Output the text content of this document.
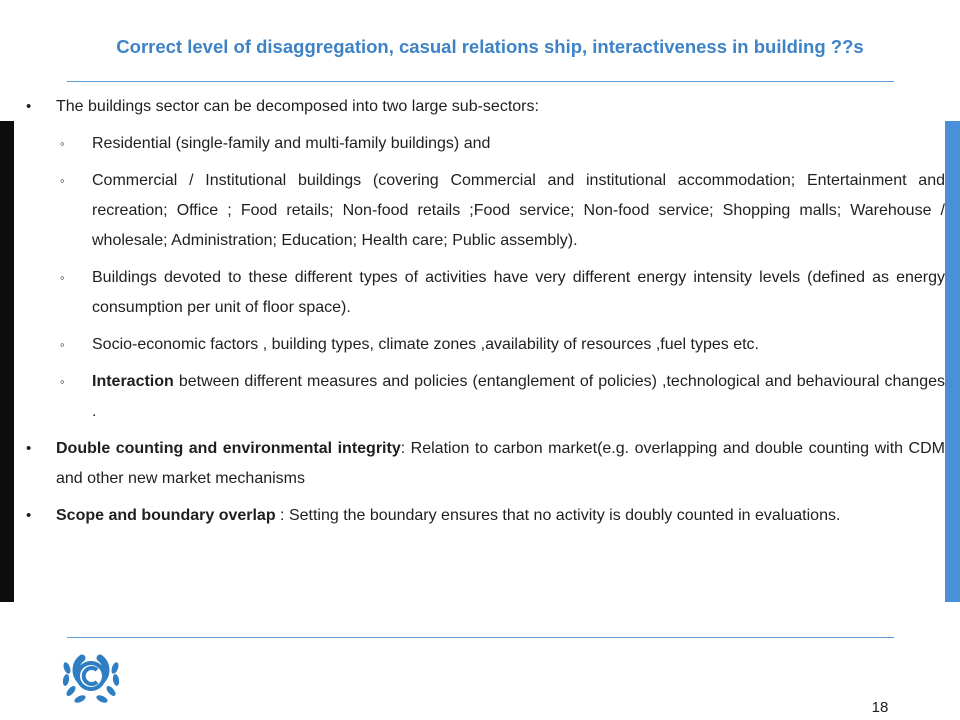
Correct level of disaggregation, casual relations ship, interactiveness in building ??s
• The buildings sector can be decomposed into two large sub-sectors:
◦ Residential (single-family and multi-family buildings) and
◦ Commercial / Institutional buildings (covering Commercial and institutional accommodation; Entertainment and recreation; Office ; Food retails; Non-food retails ;Food service; Non-food service; Shopping malls; Warehouse / wholesale; Administration; Education; Health care; Public assembly).
◦ Buildings devoted to these different types of activities have very different energy intensity levels (defined as energy consumption per unit of floor space).
◦ Socio-economic factors , building types, climate zones ,availability of resources ,fuel types etc.
◦ Interaction between different measures and policies (entanglement of policies) ,technological and behavioural changes .
• Double counting and environmental integrity: Relation to carbon market(e.g. overlapping and double counting with CDM and other new market mechanisms
• Scope and boundary overlap : Setting the boundary ensures that no activity is doubly counted in evaluations.
18
